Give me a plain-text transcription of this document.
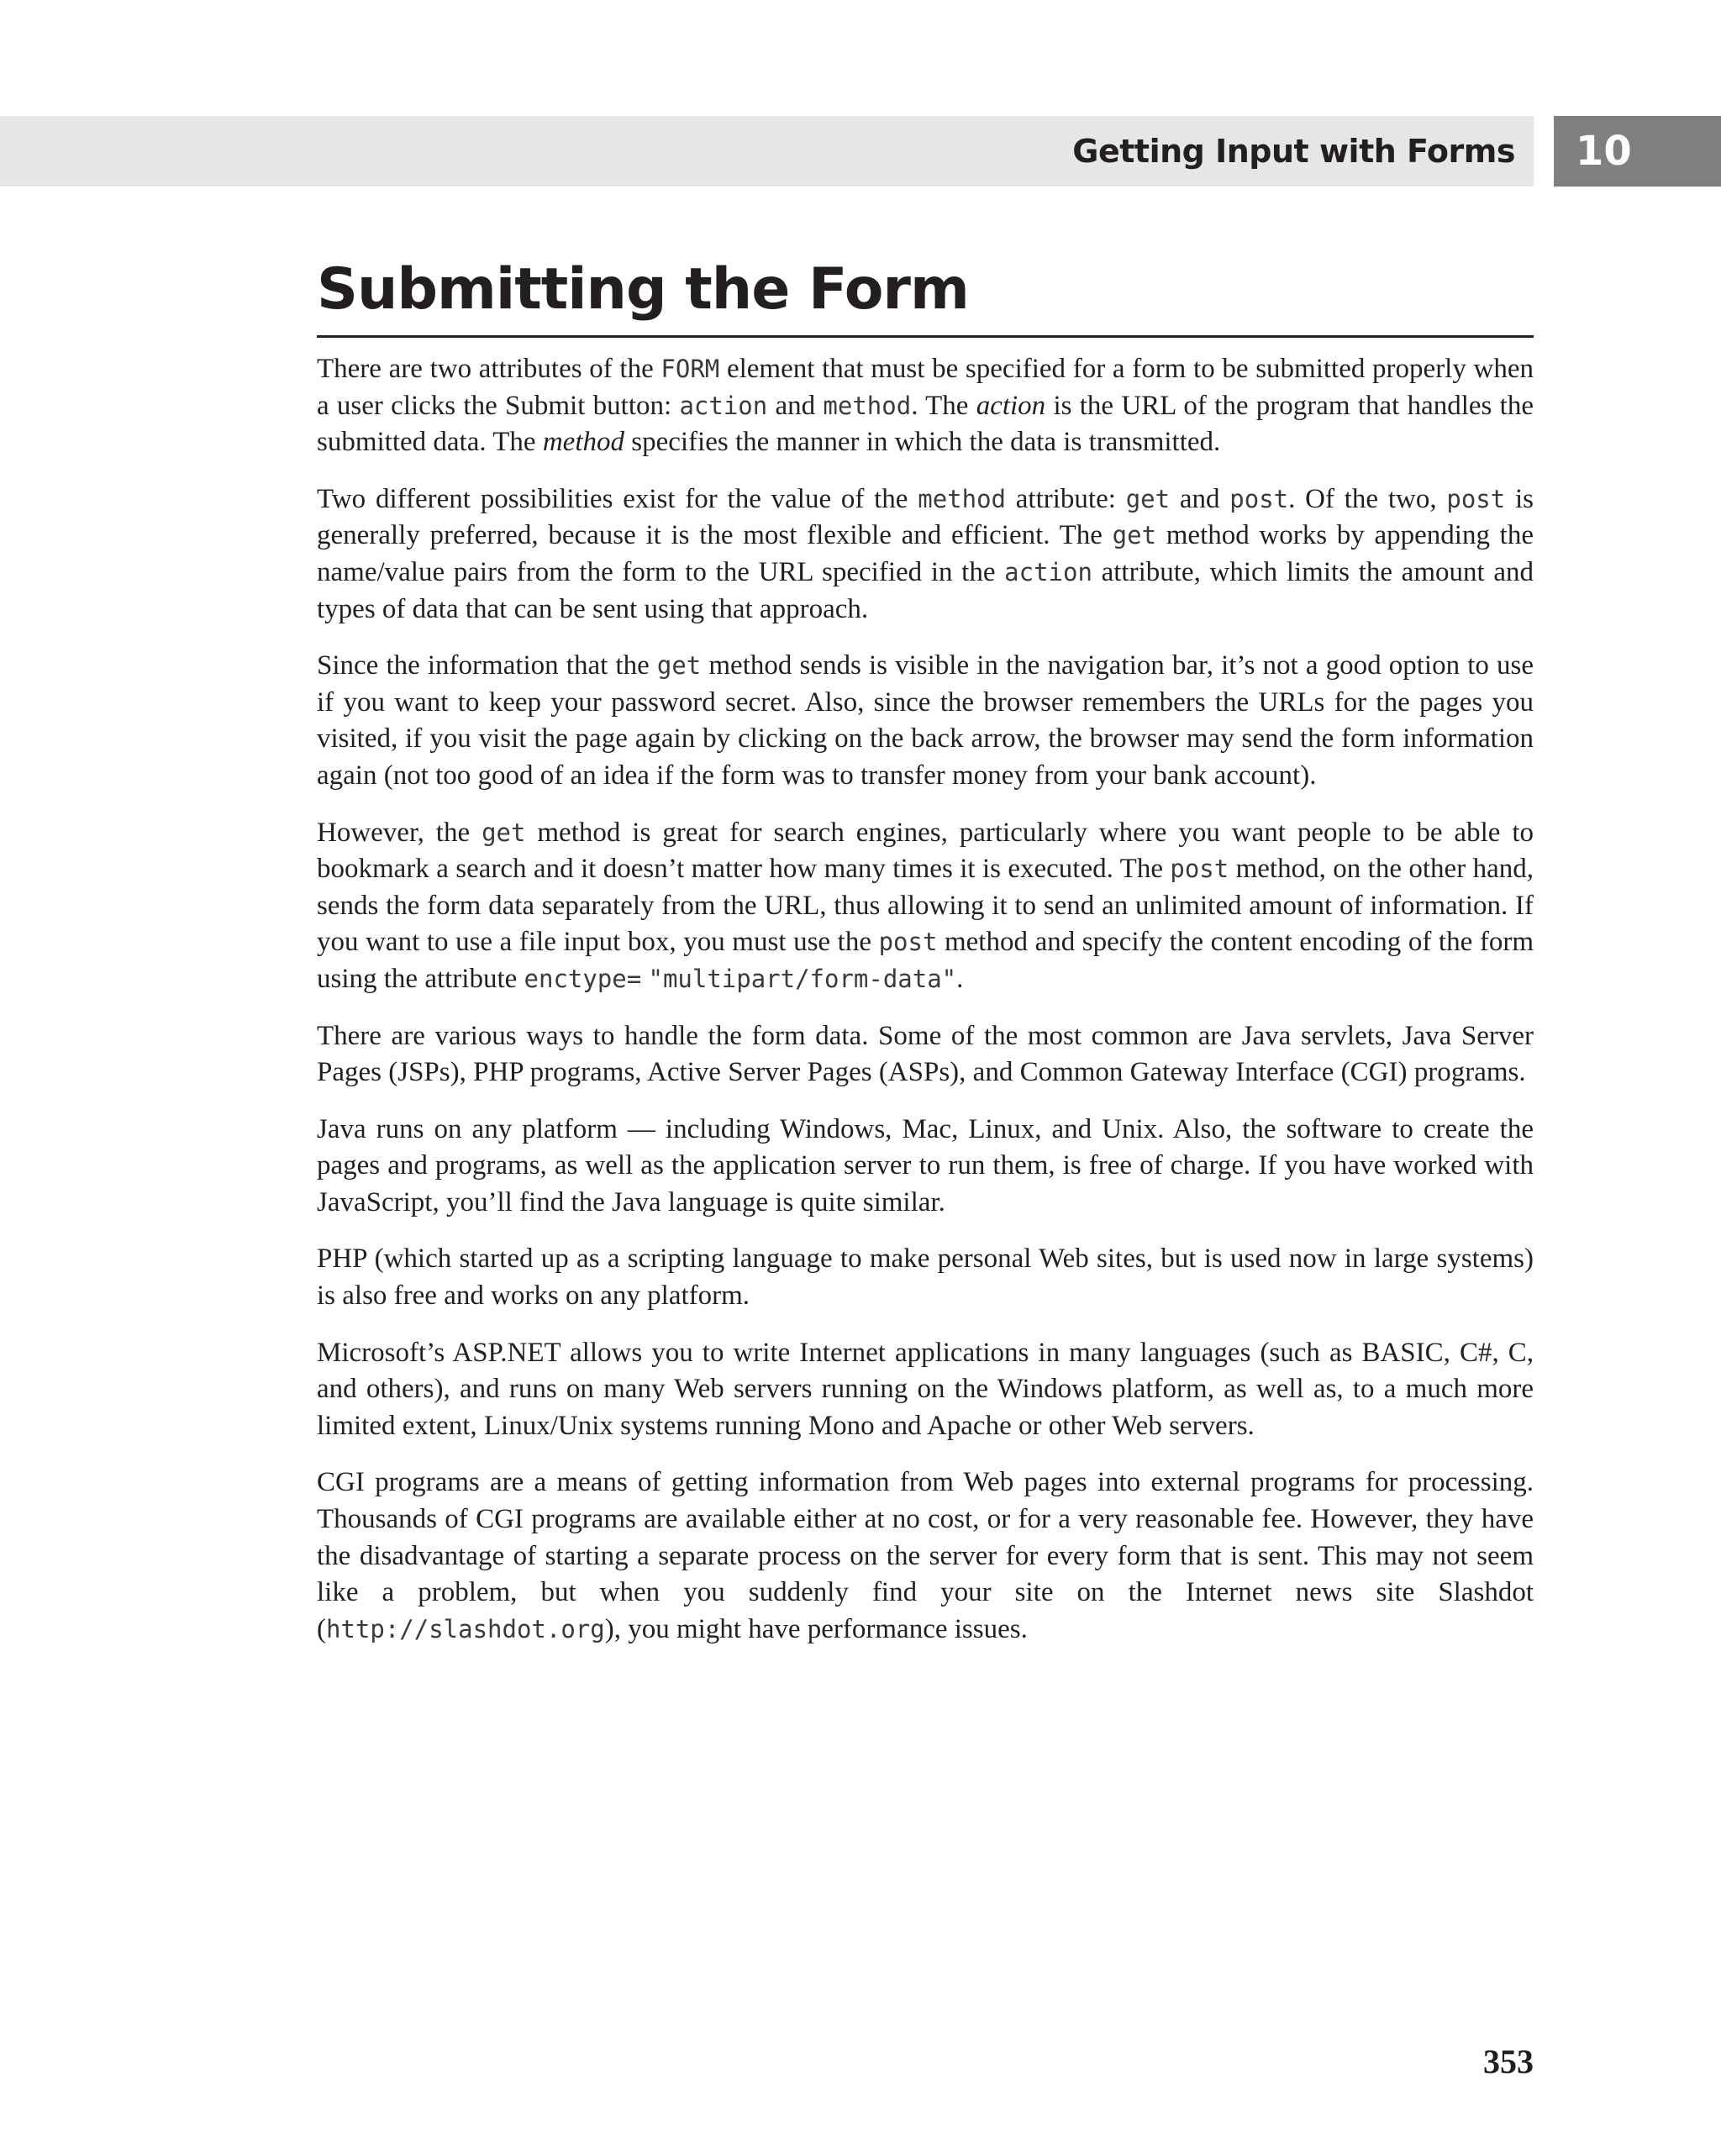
Getting Input with Forms	10
Submitting the Form

There are two attributes of the FORM element that must be specified for a form to be submitted properly when a user clicks the Submit button: action and method. The action is the URL of the program that handles the submitted data. The method specifies the manner in which the data is transmitted.

Two different possibilities exist for the value of the method attribute: get and post. Of the two, post is generally preferred, because it is the most flexible and efficient. The get method works by appending the name/value pairs from the form to the URL specified in the action attribute, which limits the amount and types of data that can be sent using that approach.

Since the information that the get method sends is visible in the navigation bar, it’s not a good option to use if you want to keep your password secret. Also, since the browser remembers the URLs for the pages you visited, if you visit the page again by clicking on the back arrow, the browser may send the form information again (not too good of an idea if the form was to transfer money from your bank account).

However, the get method is great for search engines, particularly where you want people to be able to bookmark a search and it doesn’t matter how many times it is executed. The post method, on the other hand, sends the form data separately from the URL, thus allowing it to send an unlimited amount of information. If you want to use a file input box, you must use the post method and specify the content encoding of the form using the attribute enctype= "multipart/form-data".

There are various ways to handle the form data. Some of the most common are Java servlets, Java Server Pages (JSPs), PHP programs, Active Server Pages (ASPs), and Common Gateway Interface (CGI) programs.

Java runs on any platform — including Windows, Mac, Linux, and Unix. Also, the software to create the pages and programs, as well as the application server to run them, is free of charge. If you have worked with JavaScript, you’ll find the Java language is quite similar.

PHP (which started up as a scripting language to make personal Web sites, but is used now in large systems) is also free and works on any platform.

Microsoft’s ASP.NET allows you to write Internet applications in many languages (such as BASIC, C#, C, and others), and runs on many Web servers running on the Windows platform, as well as, to a much more limited extent, Linux/Unix systems running Mono and Apache or other Web servers.

CGI programs are a means of getting information from Web pages into external programs for processing. Thousands of CGI programs are available either at no cost, or for a very reasonable fee. However, they have the disadvantage of starting a separate process on the server for every form that is sent. This may not seem like a problem, but when you suddenly find your site on the Internet news site Slashdot (http://slashdot.org), you might have performance issues.

353
